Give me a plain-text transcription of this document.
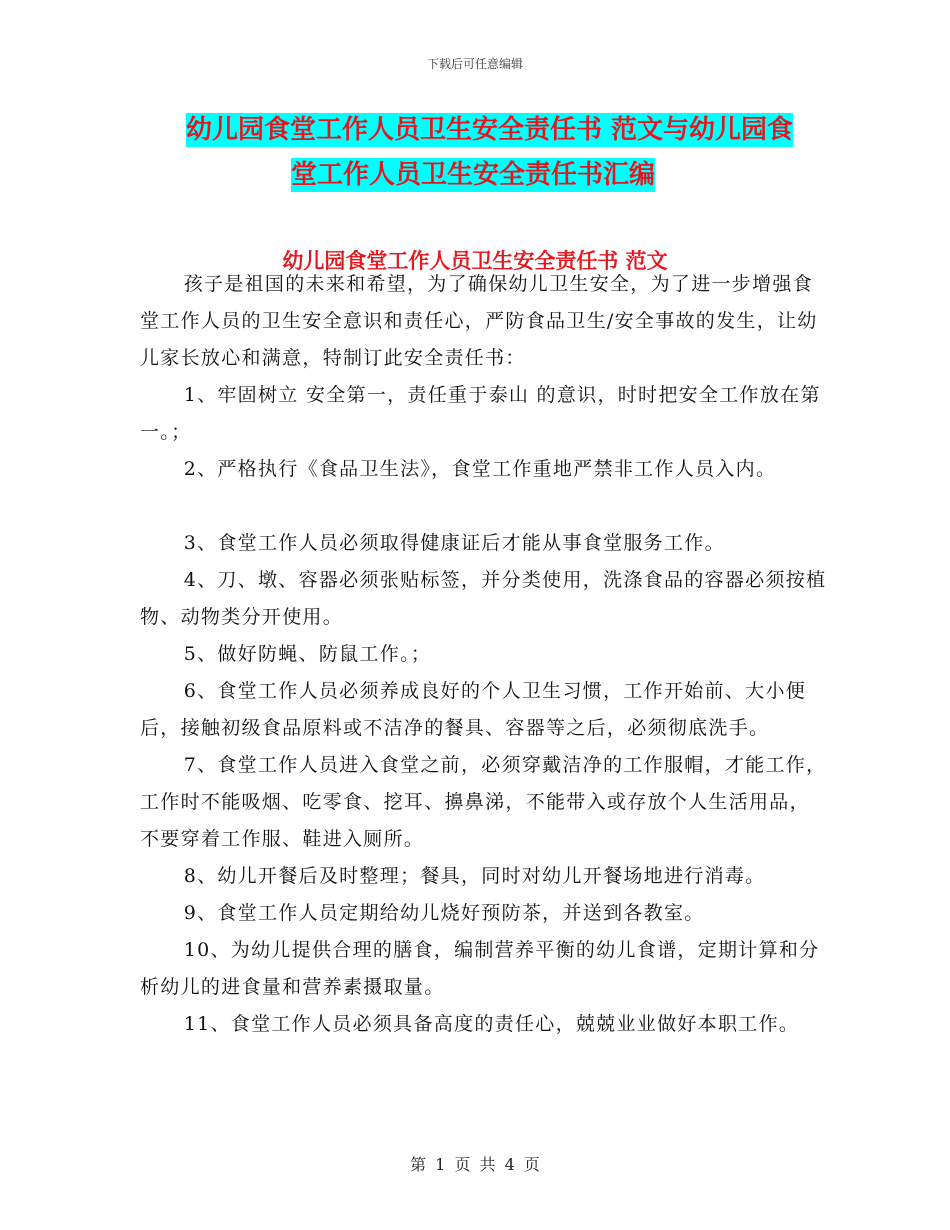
下载后可任意编辑
幼儿园食堂工作人员卫生安全责任书 范文与幼儿园食
堂工作人员卫生安全责任书汇编
幼儿园食堂工作人员卫生安全责任书 范文

孩子是祖国的未来和希望，为了确保幼儿卫生安全，为了进一步增强食堂工作人员的卫生安全意识和责任心，严防食品卫生/安全事故的发生，让幼儿家长放心和满意，特制订此安全责任书：

1、牢固树立 安全第一，责任重于泰山 的意识，时时把安全工作放在第一。；

2、严格执行《食品卫生法》，食堂工作重地严禁非工作人员入内。

3、食堂工作人员必须取得健康证后才能从事食堂服务工作。

4、刀、墩、容器必须张贴标签，并分类使用，洗涤食品的容器必须按植物、动物类分开使用。

5、做好防蝇、防鼠工作。；

6、食堂工作人员必须养成良好的个人卫生习惯，工作开始前、大小便后，接触初级食品原料或不洁净的餐具、容器等之后，必须彻底洗手。

7、食堂工作人员进入食堂之前，必须穿戴洁净的工作服帽，才能工作，工作时不能吸烟、吃零食、挖耳、擤鼻涕，不能带入或存放个人生活用品，不要穿着工作服、鞋进入厕所。

8、幼儿开餐后及时整理；餐具，同时对幼儿开餐场地进行消毒。

9、食堂工作人员定期给幼儿烧好预防茶，并送到各教室。

10、为幼儿提供合理的膳食，编制营养平衡的幼儿食谱，定期计算和分析幼儿的进食量和营养素摄取量。

11、食堂工作人员必须具备高度的责任心，兢兢业业做好本职工作。

第 1 页 共 4 页
